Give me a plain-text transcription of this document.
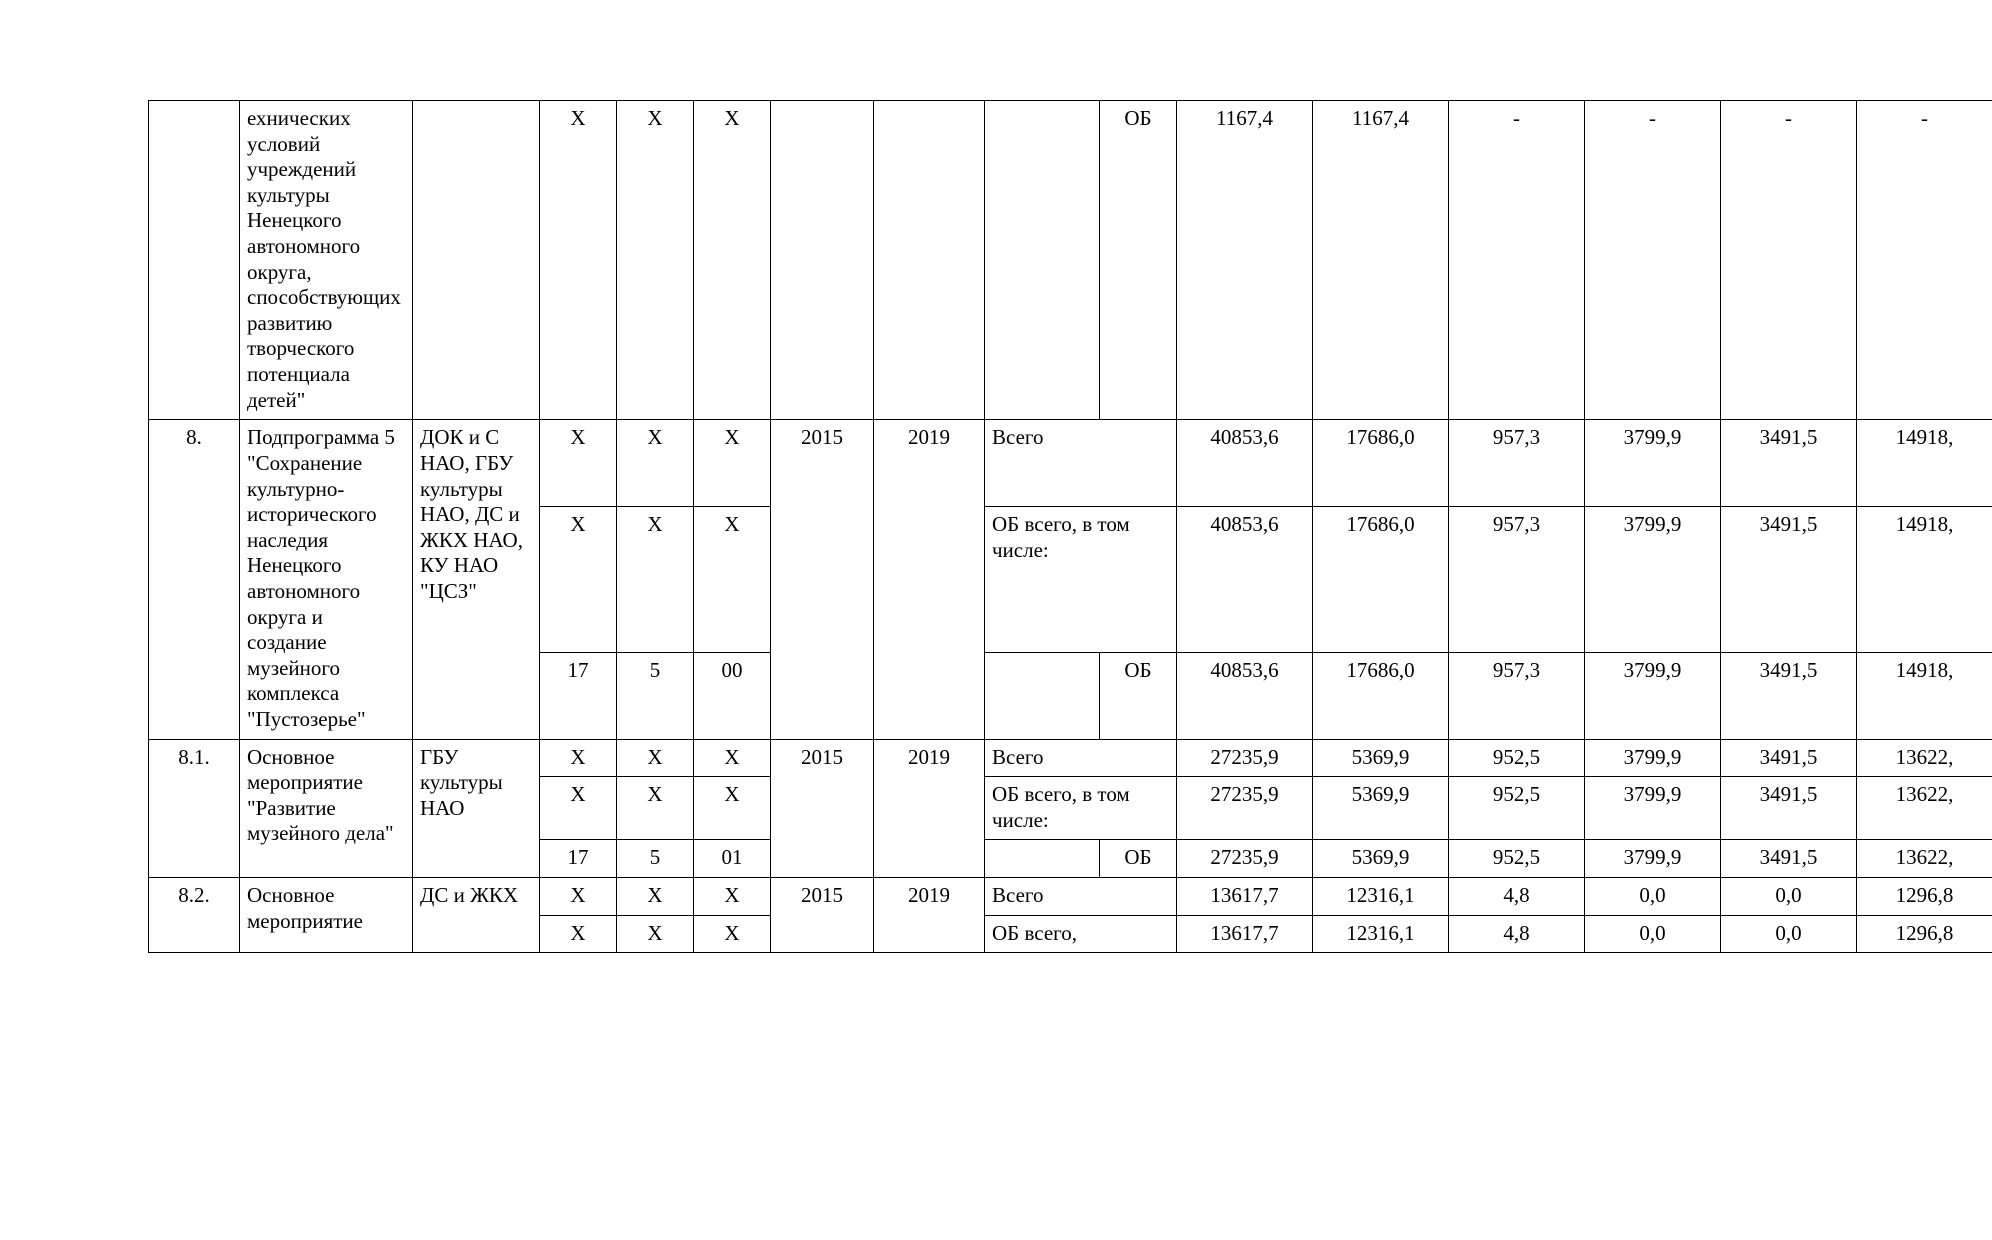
	ехнических условий учреждений культуры Ненецкого автономного округа, способствующих развитию творческого потенциала детей"		Х	Х	Х				ОБ	1167,4	1167,4	-	-	-	-
8.	Подпрограмма 5 "Сохранение культурно-исторического наследия Ненецкого автономного округа и создание музейного комплекса "Пустозерье"	ДОК и С НАО, ГБУ культуры НАО, ДС и ЖКХ НАО, КУ НАО "ЦСЗ"	Х	Х	Х	2015	2019	Всего		40853,6	17686,0	957,3	3799,9	3491,5	14918,
			Х	Х	Х			ОБ всего, в том числе:		40853,6	17686,0	957,3	3799,9	3491,5	14918,
			17	5	00				ОБ	40853,6	17686,0	957,3	3799,9	3491,5	14918,
8.1.	Основное мероприятие "Развитие музейного дела"	ГБУ культуры НАО	Х	Х	Х	2015	2019	Всего		27235,9	5369,9	952,5	3799,9	3491,5	13622,
			Х	Х	Х			ОБ всего, в том числе:		27235,9	5369,9	952,5	3799,9	3491,5	13622,
			17	5	01				ОБ	27235,9	5369,9	952,5	3799,9	3491,5	13622,
8.2.	Основное мероприятие	ДС и ЖКХ	Х	Х	Х	2015	2019	Всего		13617,7	12316,1	4,8	0,0	0,0	1296,8
			Х	Х	Х			ОБ всего,		13617,7	12316,1	4,8	0,0	0,0	1296,8
